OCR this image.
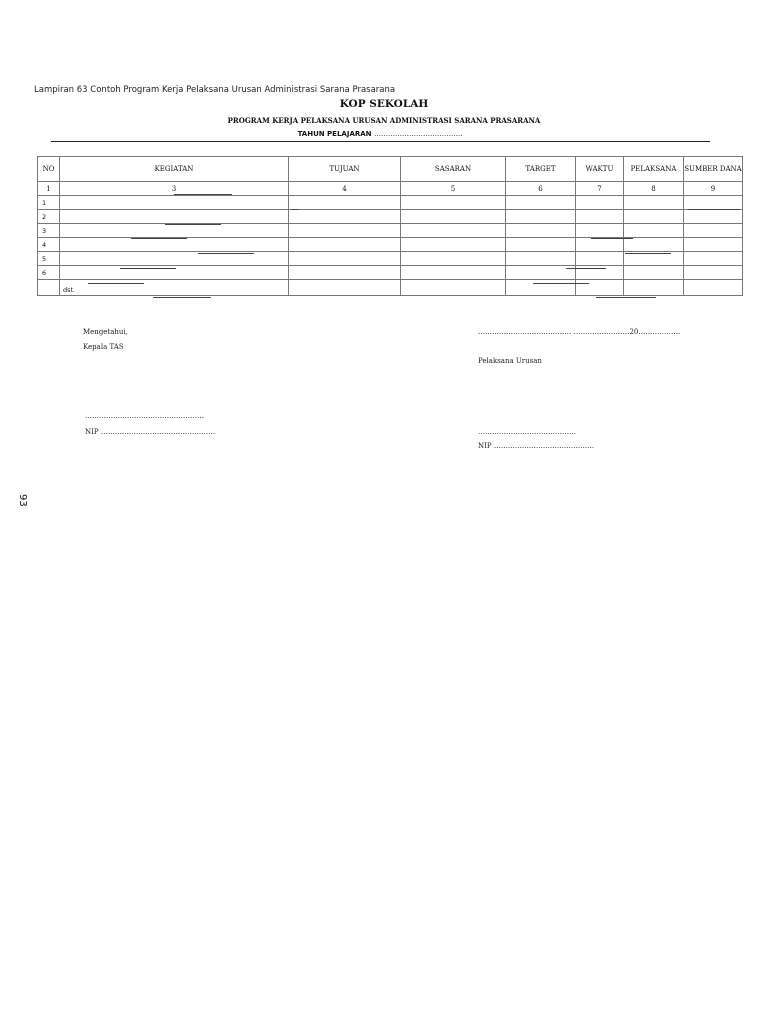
Lampiran 63 Contoh Program Kerja Pelaksana Urusan Administrasi Sarana Prasarana
KOP SEKOLAH
PROGRAM KERJA PELAKSANA URUSAN ADMINISTRASI SARANA PRASARANA
TAHUN PELAJARAN ………………………………..
NO	KEGIATAN	TUJUAN	SASARAN	TARGET	WAKTU	PELAKSANA	SUMBER DANA
1	3	4	5	6	7	8	9
1							
2							
3							
4							
5							
6							
	dst.						
Mengetahui,
Kepala TAS
……………………………………………
NIP ………………………………………….
…………………………………. ……………………20………………
Pelaksana Urusan
……………………………………
NIP …………………………………….
93
